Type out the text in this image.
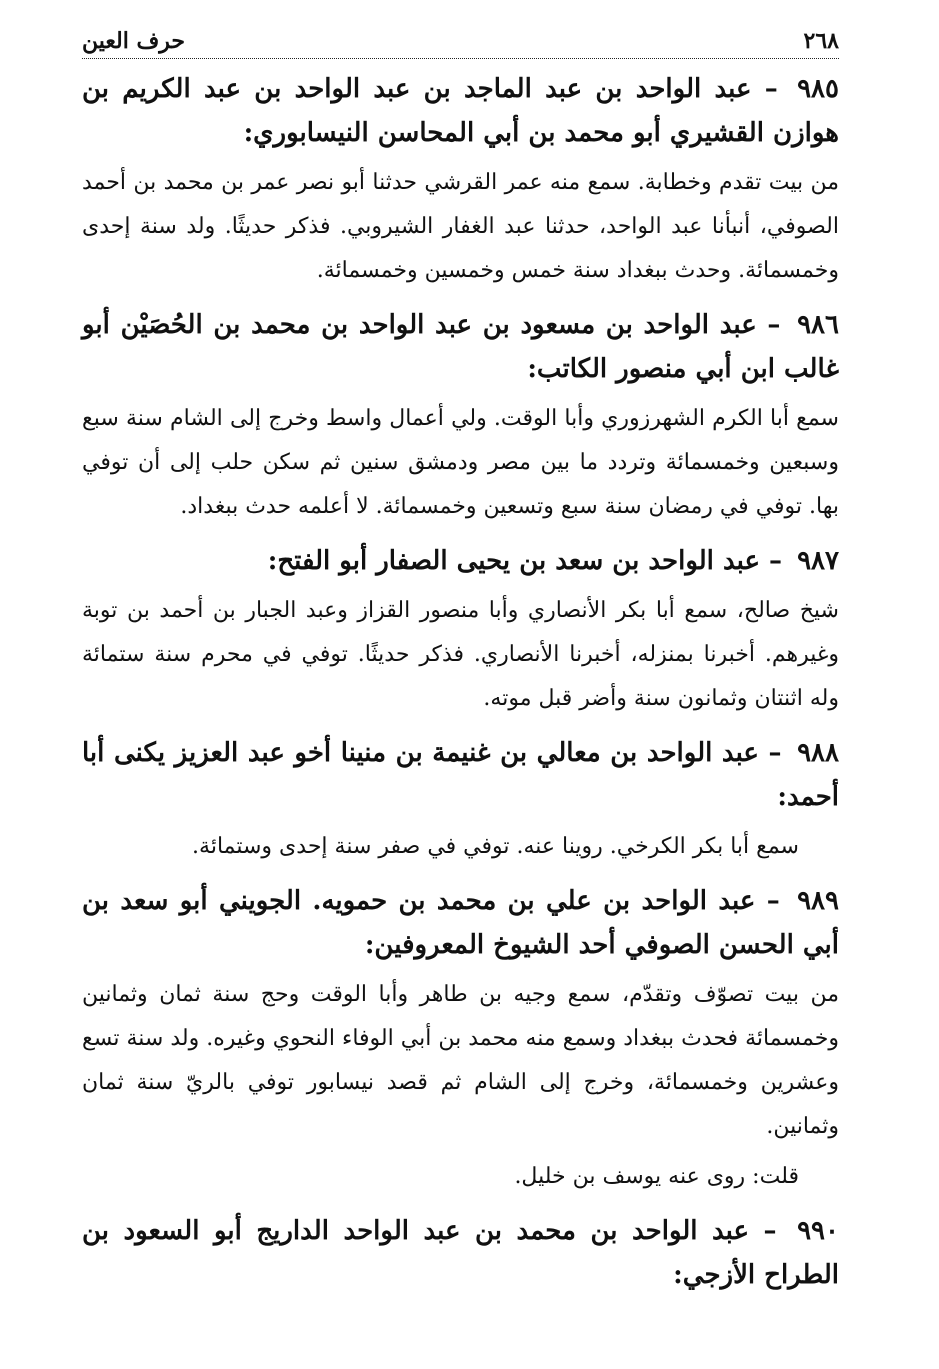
٢٦٨
حرف العين
٩٨٥ – عبد الواحد بن عبد الماجد بن عبد الواحد بن عبد الكريم بن هوازن القشيري أبو محمد بن أبي المحاسن النيسابوري:

من بيت تقدم وخطابة. سمع منه عمر القرشي حدثنا أبو نصر عمر بن محمد بن أحمد الصوفي، أنبأنا عبد الواحد، حدثنا عبد الغفار الشيروبي. فذكر حديثًا. ولد سنة إحدى وخمسمائة. وحدث ببغداد سنة خمس وخمسين وخمسمائة.

٩٨٦ – عبد الواحد بن مسعود بن عبد الواحد بن محمد بن الحُصَيْن أبو غالب ابن أبي منصور الكاتب:

سمع أبا الكرم الشهرزوري وأبا الوقت. ولي أعمال واسط وخرج إلى الشام سنة سبع وسبعين وخمسمائة وتردد ما بين مصر ودمشق سنين ثم سكن حلب إلى أن توفي بها. توفي في رمضان سنة سبع وتسعين وخمسمائة. لا أعلمه حدث ببغداد.

٩٨٧ – عبد الواحد بن سعد بن يحيى الصفار أبو الفتح:

شيخ صالح، سمع أبا بكر الأنصاري وأبا منصور القزاز وعبد الجبار بن أحمد بن توبة وغيرهم. أخبرنا بمنزله، أخبرنا الأنصاري. فذكر حديثًا. توفي في محرم سنة ستمائة وله اثنتان وثمانون سنة وأضر قبل موته.

٩٨٨ – عبد الواحد بن معالي بن غنيمة بن منينا أخو عبد العزيز يكنى أبا أحمد:

سمع أبا بكر الكرخي. روينا عنه. توفي في صفر سنة إحدى وستمائة.

٩٨٩ – عبد الواحد بن علي بن محمد بن حمويه. الجويني أبو سعد بن أبي الحسن الصوفي أحد الشيوخ المعروفين:

من بيت تصوّف وتقدّم، سمع وجيه بن طاهر وأبا الوقت وحج سنة ثمان وثمانين وخمسمائة فحدث ببغداد وسمع منه محمد بن أبي الوفاء النحوي وغيره. ولد سنة تسع وعشرين وخمسمائة، وخرج إلى الشام ثم قصد نيسابور توفي بالريّ سنة ثمان وثمانين.

قلت: روى عنه يوسف بن خليل.

٩٩٠ – عبد الواحد بن محمد بن عبد الواحد الداريج أبو السعود بن الطراح الأزجي:
